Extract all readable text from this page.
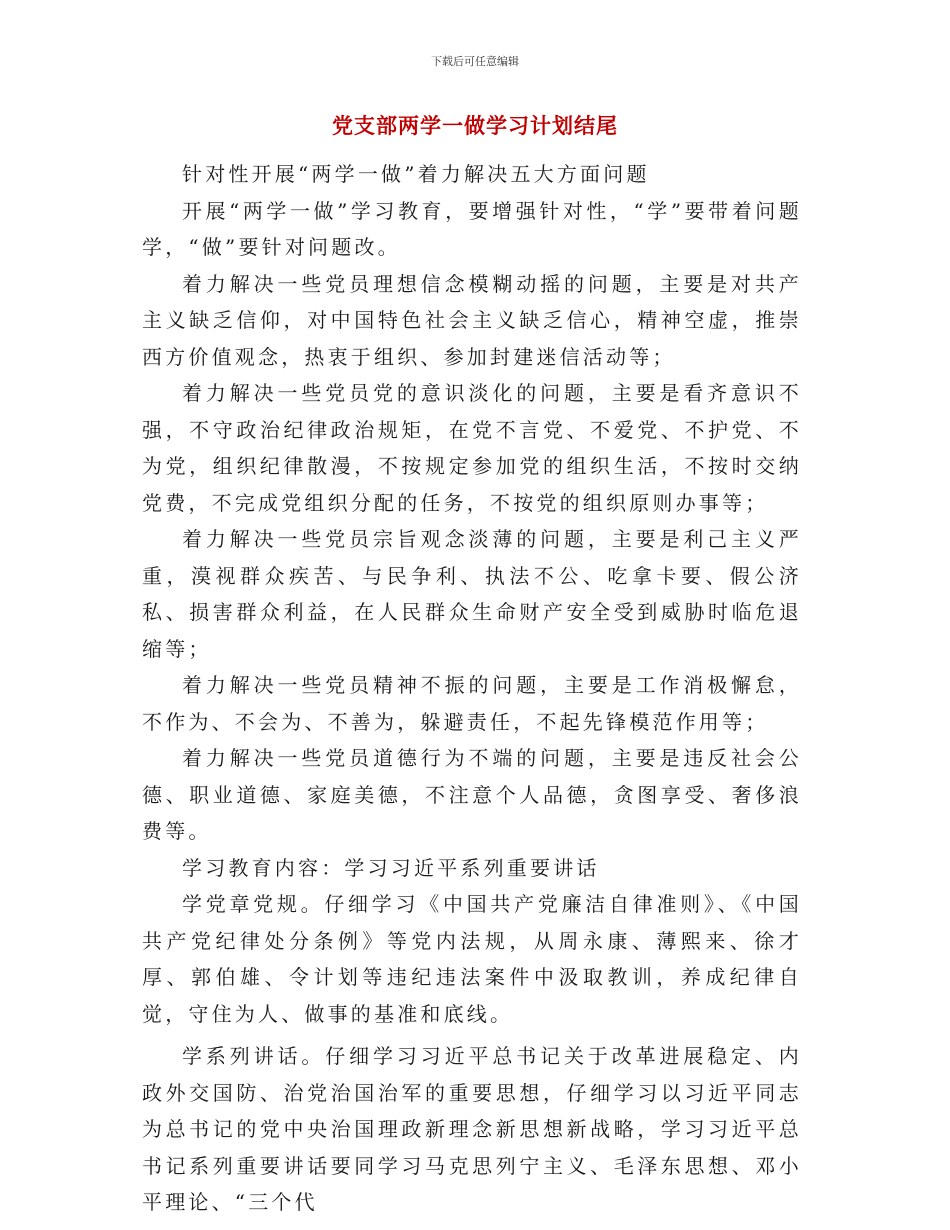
下载后可任意编辑
党支部两学一做学习计划结尾

针对性开展“两学一做”着力解决五大方面问题

开展“两学一做”学习教育，要增强针对性，“学”要带着问题学，“做”要针对问题改。

着力解决一些党员理想信念模糊动摇的问题，主要是对共产主义缺乏信仰，对中国特色社会主义缺乏信心，精神空虚，推崇西方价值观念，热衷于组织、参加封建迷信活动等；

着力解决一些党员党的意识淡化的问题，主要是看齐意识不强，不守政治纪律政治规矩，在党不言党、不爱党、不护党、不为党，组织纪律散漫，不按规定参加党的组织生活，不按时交纳党费，不完成党组织分配的任务，不按党的组织原则办事等；

着力解决一些党员宗旨观念淡薄的问题，主要是利己主义严重，漠视群众疾苦、与民争利、执法不公、吃拿卡要、假公济私、损害群众利益，在人民群众生命财产安全受到威胁时临危退缩等；

着力解决一些党员精神不振的问题，主要是工作消极懈怠，不作为、不会为、不善为，躲避责任，不起先锋模范作用等；

着力解决一些党员道德行为不端的问题，主要是违反社会公德、职业道德、家庭美德，不注意个人品德，贪图享受、奢侈浪费等。

学习教育内容：学习习近平系列重要讲话

学党章党规。仔细学习《中国共产党廉洁自律准则》、《中国共产党纪律处分条例》等党内法规，从周永康、薄熙来、徐才厚、郭伯雄、令计划等违纪违法案件中汲取教训，养成纪律自觉，守住为人、做事的基准和底线。

学系列讲话。仔细学习习近平总书记关于改革进展稳定、内政外交国防、治党治国治军的重要思想，仔细学习以习近平同志为总书记的党中央治国理政新理念新思想新战略，学习习近平总书记系列重要讲话要同学习马克思列宁主义、毛泽东思想、邓小平理论、“三个代
